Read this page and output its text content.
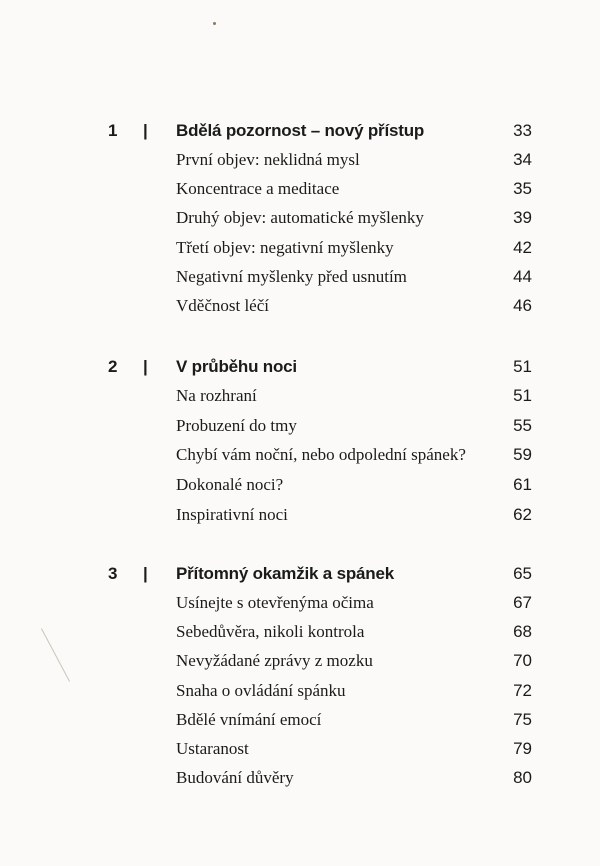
1 | Bdělá pozornost – nový přístup	33
První objev: neklidná mysl	34
Koncentrace a meditace	35
Druhý objev: automatické myšlenky	39
Třetí objev: negativní myšlenky	42
Negativní myšlenky před usnutím	44
Vděčnost léčí	46
2 | V průběhu noci	51
Na rozhraní	51
Probuzení do tmy	55
Chybí vám noční, nebo odpolední spánek?	59
Dokonalé noci?	61
Inspirativní noci	62
3 | Přítomný okamžik a spánek	65
Usínejte s otevřenýma očima	67
Sebedůvěra, nikoli kontrola	68
Nevyžádané zprávy z mozku	70
Snaha o ovládání spánku	72
Bdělé vnímání emocí	75
Ustaranost	79
Budování důvěry	80
